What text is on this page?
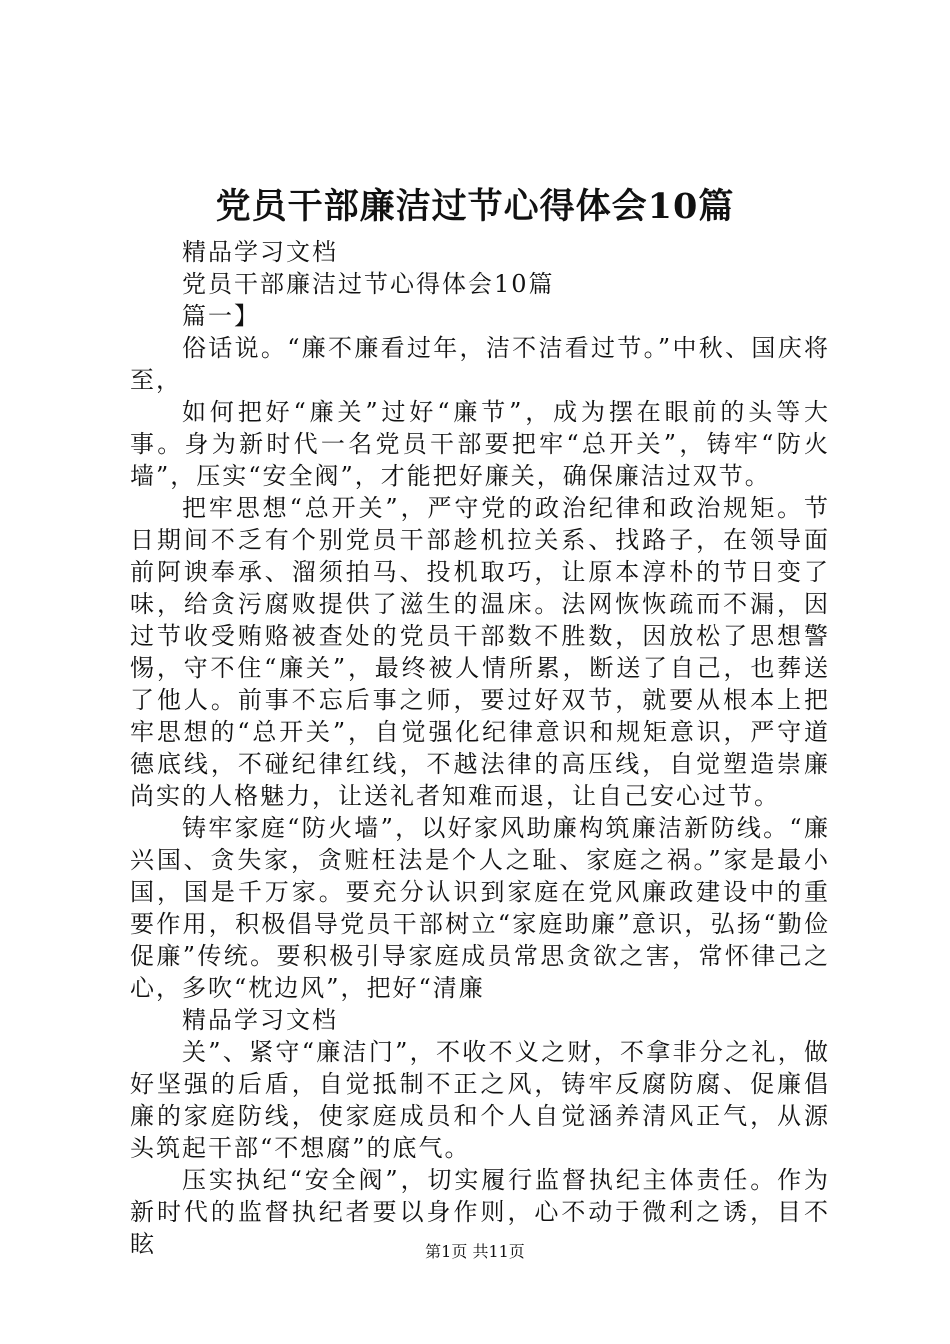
党员干部廉洁过节心得体会10篇

精品学习文档

党员干部廉洁过节心得体会10篇

篇一】

俗话说。“廉不廉看过年，洁不洁看过节。”中秋、国庆将至，

如何把好“廉关”过好“廉节”，成为摆在眼前的头等大事。身为新时代一名党员干部要把牢“总开关”，铸牢“防火墙”，压实“安全阀”，才能把好廉关，确保廉洁过双节。

把牢思想“总开关”，严守党的政治纪律和政治规矩。节日期间不乏有个别党员干部趁机拉关系、找路子，在领导面前阿谀奉承、溜须拍马、投机取巧，让原本淳朴的节日变了味，给贪污腐败提供了滋生的温床。法网恢恢疏而不漏，因过节收受贿赂被查处的党员干部数不胜数，因放松了思想警惕，守不住“廉关”，最终被人情所累，断送了自己，也葬送了他人。前事不忘后事之师，要过好双节，就要从根本上把牢思想的“总开关”，自觉强化纪律意识和规矩意识，严守道德底线，不碰纪律红线，不越法律的高压线，自觉塑造崇廉尚实的人格魅力，让送礼者知难而退，让自己安心过节。

铸牢家庭“防火墙”，以好家风助廉构筑廉洁新防线。“廉兴国、贪失家，贪赃枉法是个人之耻、家庭之祸。”家是最小国，国是千万家。要充分认识到家庭在党风廉政建设中的重要作用，积极倡导党员干部树立“家庭助廉”意识，弘扬“勤俭促廉”传统。要积极引导家庭成员常思贪欲之害，常怀律己之心，多吹“枕边风”，把好“清廉

精品学习文档

关”、紧守“廉洁门”，不收不义之财，不拿非分之礼，做好坚强的后盾，自觉抵制不正之风，铸牢反腐防腐、促廉倡廉的家庭防线，使家庭成员和个人自觉涵养清风正气，从源头筑起干部“不想腐”的底气。

压实执纪“安全阀”，切实履行监督执纪主体责任。作为新时代的监督执纪者要以身作则，心不动于微利之诱，目不眩	第1页 共11页
